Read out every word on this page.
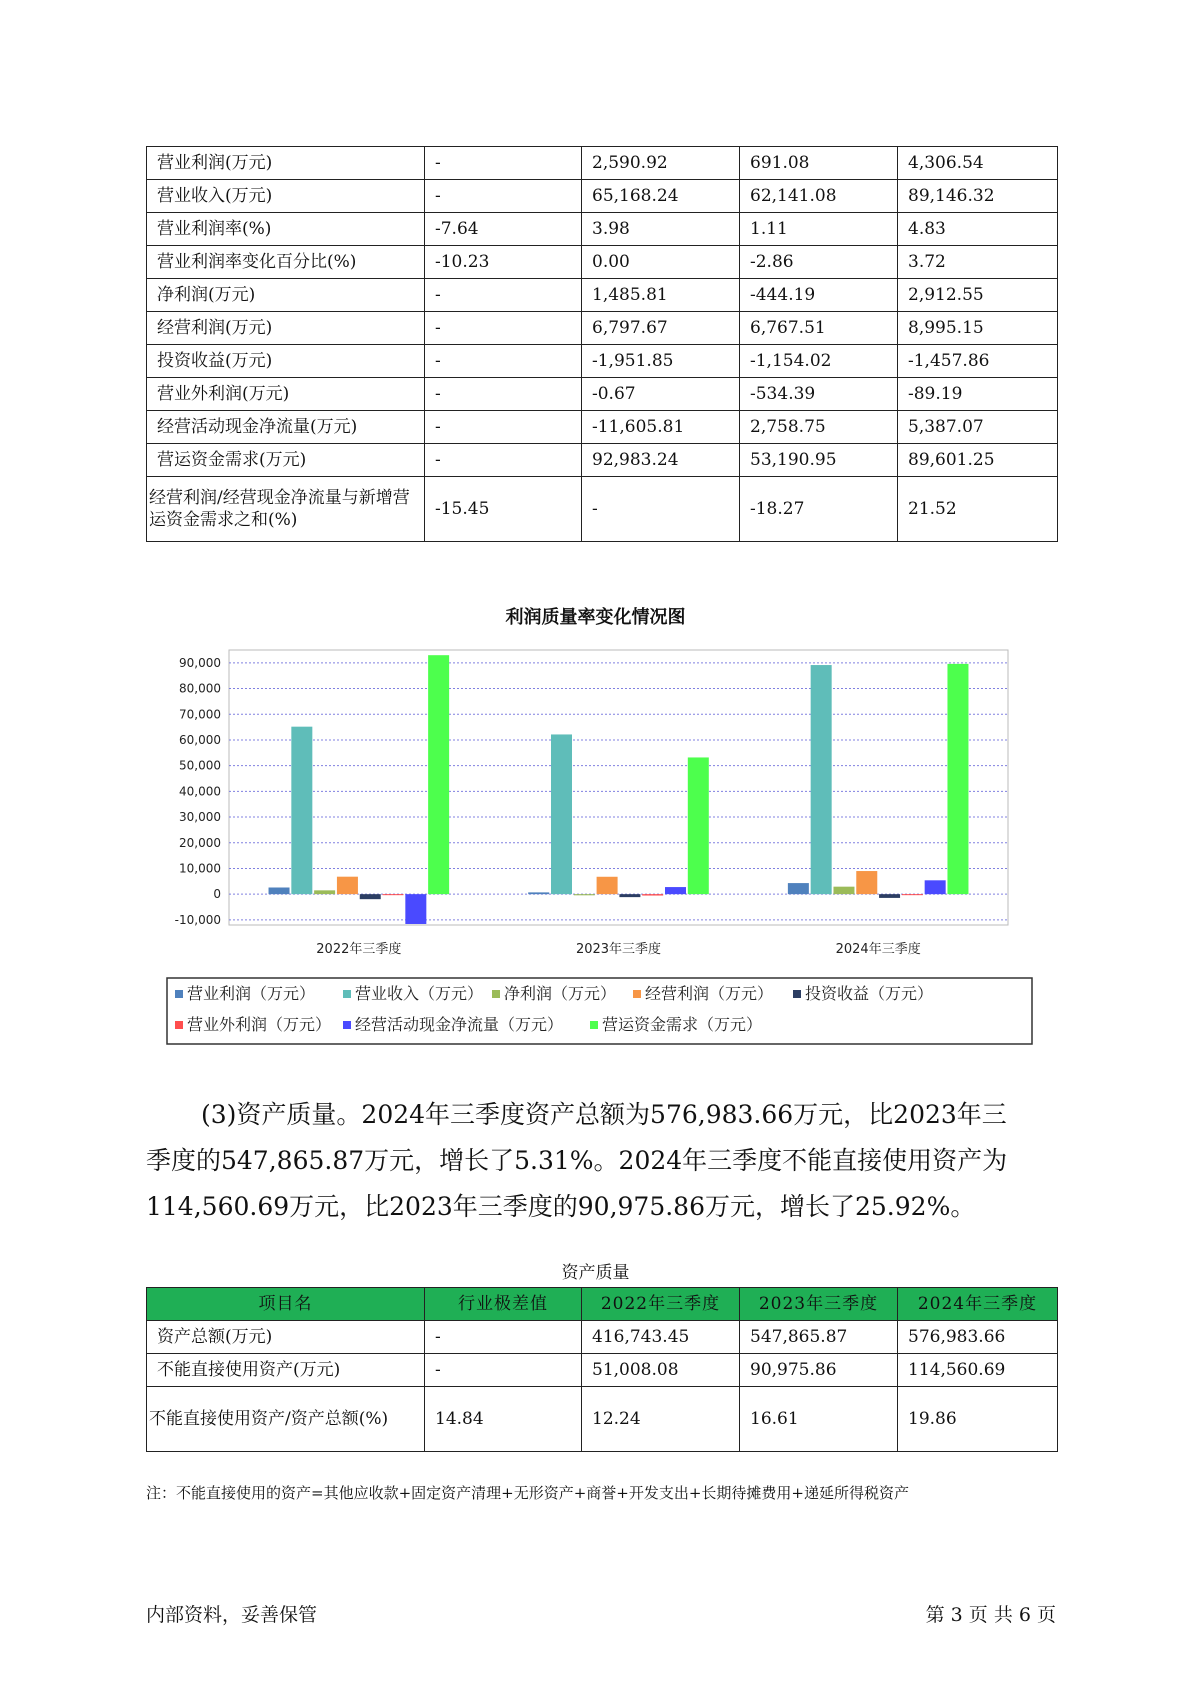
营业利润(万元)	-	2,590.92	691.08	4,306.54
营业收入(万元)	-	65,168.24	62,141.08	89,146.32
营业利润率(%)	-7.64	3.98	1.11	4.83
营业利润率变化百分比(%)	-10.23	0.00	-2.86	3.72
净利润(万元)	-	1,485.81	-444.19	2,912.55
经营利润(万元)	-	6,797.67	6,767.51	8,995.15
投资收益(万元)	-	-1,951.85	-1,154.02	-1,457.86
营业外利润(万元)	-	-0.67	-534.39	-89.19
经营活动现金净流量(万元)	-	-11,605.81	2,758.75	5,387.07
营运资金需求(万元)	-	92,983.24	53,190.95	89,601.25
经营利润/经营现金净流量与新增营运资金需求之和(%)	-15.45	-	-18.27	21.52
利润质量率变化情况图
90,000
80,000
70,000
60,000
50,000
40,000
30,000
20,000
10,000
0
-10,000
2022年三季度	2023年三季度	2024年三季度
营业利润（万元） 营业收入（万元） 净利润（万元） 经营利润（万元） 投资收益（万元）
营业外利润（万元） 经营活动现金净流量（万元） 营运资金需求（万元）

(3)资产质量。2024年三季度资产总额为576,983.66万元，比2023年三

季度的547,865.87万元，增长了5.31%。2024年三季度不能直接使用资产为

114,560.69万元，比2023年三季度的90,975.86万元，增长了25.92%。

资产质量
项目名	行业极差值	2022年三季度	2023年三季度	2024年三季度
资产总额(万元)	-	416,743.45	547,865.87	576,983.66
不能直接使用资产(万元)	-	51,008.08	90,975.86	114,560.69
不能直接使用资产/资产总额(%)	14.84	12.24	16.61	19.86
注：不能直接使用的资产=其他应收款+固定资产清理+无形资产+商誉+开发支出+长期待摊费用+递延所得税资产
内部资料，妥善保管	第 3 页 共 6 页
